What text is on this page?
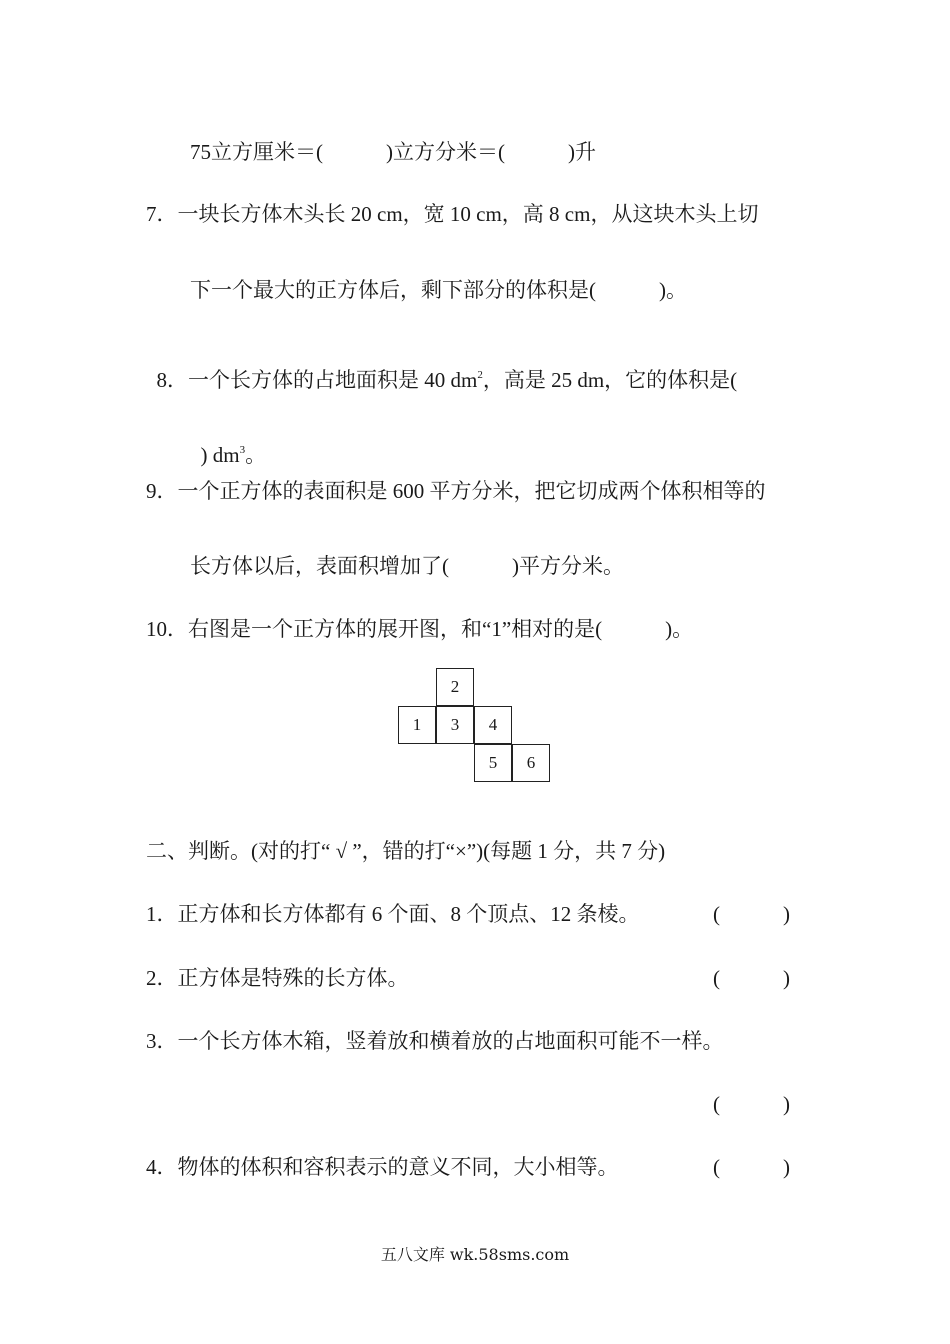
75立方厘米＝(　　　)立方分米＝(　　　)升
7．一块长方体木头长 20 cm，宽 10 cm，高 8 cm，从这块木头上切
下一个最大的正方体后，剩下部分的体积是(　　　)。

8．一个长方体的占地面积是 40 $dm^2$，高是 25 dm，它的体积是(

) $dm^3$。

9．一个正方体的表面积是 600 平方分米，把它切成两个体积相等的
长方体以后，表面积增加了(　　　)平方分米。
10．右图是一个正方体的展开图，和“1”相对的是(　　　)。
2
1	3	4
5	6
二、判断。(对的打“ √ ”，错的打“×”)(每题 1 分，共 7 分)
1．正方体和长方体都有 6 个面、8 个顶点、12 条棱。	(　　　)
2．正方体是特殊的长方体。	(　　　)
3．一个长方体木箱，竖着放和横着放的占地面积可能不一样。
(　　　)
4．物体的体积和容积表示的意义不同，大小相等。	(　　　)
五八文库 wk.58sms.com
